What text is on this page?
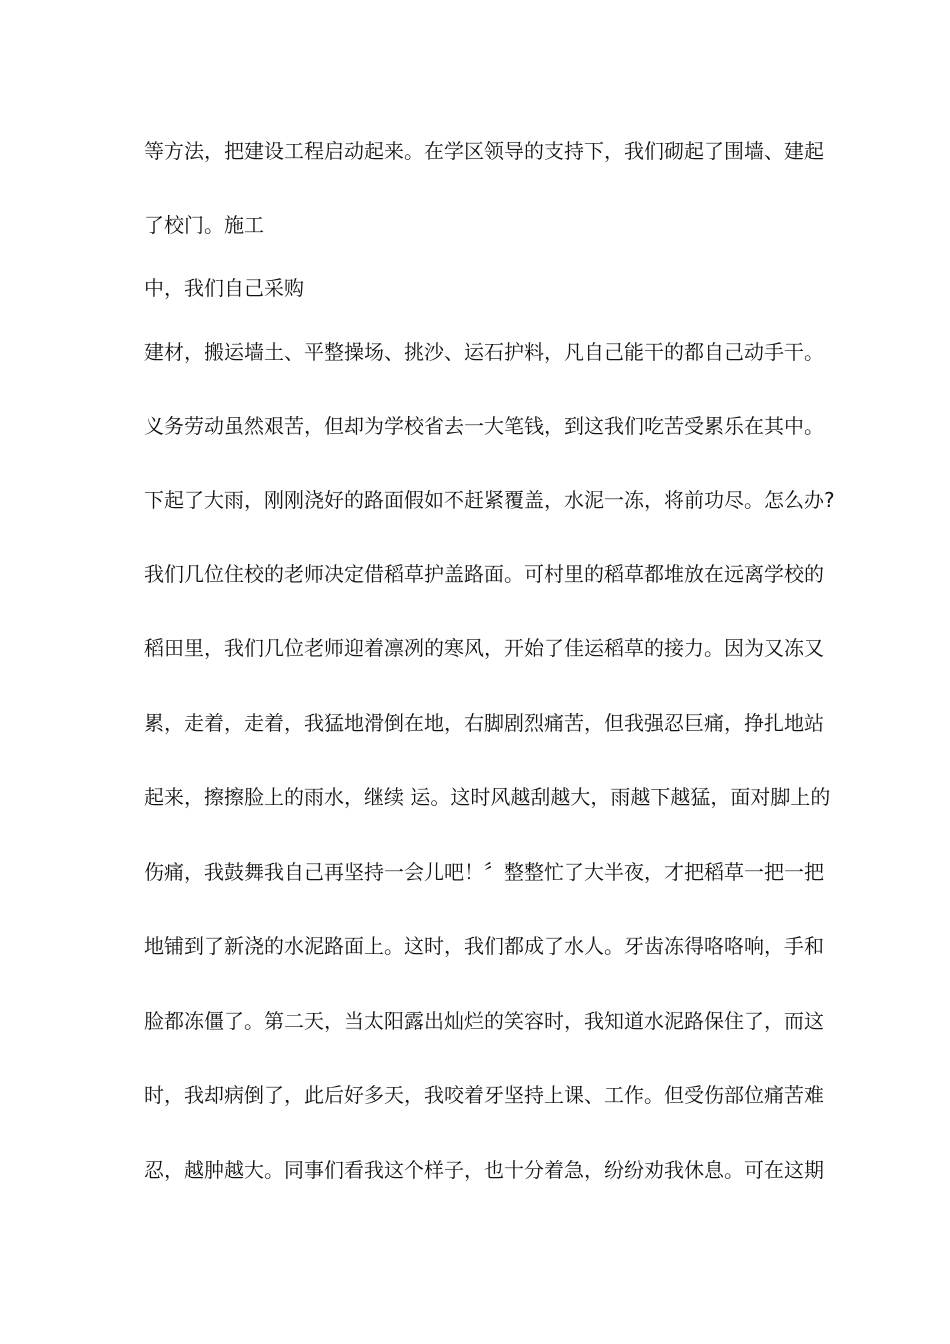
等方法，把建设工程启动起来。在学区领导的支持下，我们砌起了围墙、建起
了校门。施工
中，我们自己采购
建材，搬运墙土、平整操场、挑沙、运石护料，凡自己能干的都自己动手干。
义务劳动虽然艰苦，但却为学校省去一大笔钱，到这我们吃苦受累乐在其中。
下起了大雨，刚刚浇好的路面假如不赶紧覆盖，水泥一冻，将前功尽。怎么办?
我们几位住校的老师决定借稻草护盖路面。可村里的稻草都堆放在远离学校的
稻田里，我们几位老师迎着凛冽的寒风，开始了佳运稻草的接力。因为又冻又
累，走着，走着，我猛地滑倒在地，右脚剧烈痛苦，但我强忍巨痛，挣扎地站
起来，擦擦脸上的雨水，继续 运。这时风越刮越大，雨越下越猛，面对脚上的
伤痛，我鼓舞我自己再坚持一会儿吧！〞整整忙了大半夜，才把稻草一把一把
地铺到了新浇的水泥路面上。这时，我们都成了水人。牙齿冻得咯咯响，手和
脸都冻僵了。第二天，当太阳露出灿烂的笑容时，我知道水泥路保住了，而这
时，我却病倒了，此后好多天，我咬着牙坚持上课、工作。但受伤部位痛苦难
忍，越肿越大。同事们看我这个样子，也十分着急，纷纷劝我休息。可在这期
